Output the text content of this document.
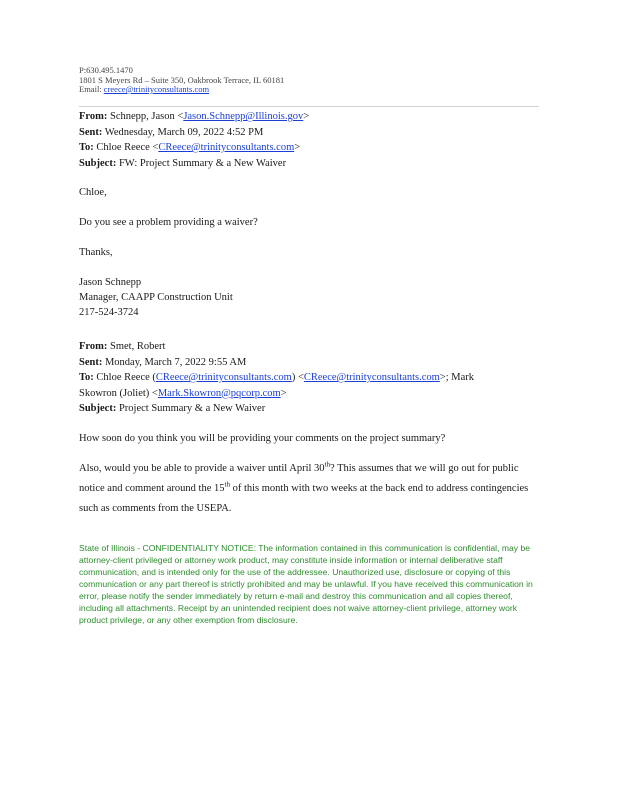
P:630.495.1470
1801 S Meyers Rd – Suite 350, Oakbrook Terrace, IL 60181
Email: creece@trinityconsultants.com
From: Schnepp, Jason <Jason.Schnepp@Illinois.gov>
Sent: Wednesday, March 09, 2022 4:52 PM
To: Chloe Reece <CReece@trinityconsultants.com>
Subject: FW: Project Summary & a New Waiver
Chloe,
Do you see a problem providing a waiver?
Thanks,
Jason Schnepp
Manager, CAAPP Construction Unit
217-524-3724
From: Smet, Robert
Sent: Monday, March 7, 2022 9:55 AM
To: Chloe Reece (CReece@trinityconsultants.com) <CReece@trinityconsultants.com>; Mark
Skowron (Joliet) <Mark.Skowron@pqcorp.com>
Subject: Project Summary & a New Waiver
How soon do you think you will be providing your comments on the project summary?
Also, would you be able to provide a waiver until April 30th? This assumes that we will go out for public notice and comment around the 15th of this month with two weeks at the back end to address contingencies such as comments from the USEPA.
State of Illinois - CONFIDENTIALITY NOTICE: The information contained in this communication is confidential, may be attorney-client privileged or attorney work product, may constitute inside information or internal deliberative staff communication, and is intended only for the use of the addressee. Unauthorized use, disclosure or copying of this communication or any part thereof is strictly prohibited and may be unlawful. If you have received this communication in error, please notify the sender immediately by return e-mail and destroy this communication and all copies thereof, including all attachments. Receipt by an unintended recipient does not waive attorney-client privilege, attorney work product privilege, or any other exemption from disclosure.
